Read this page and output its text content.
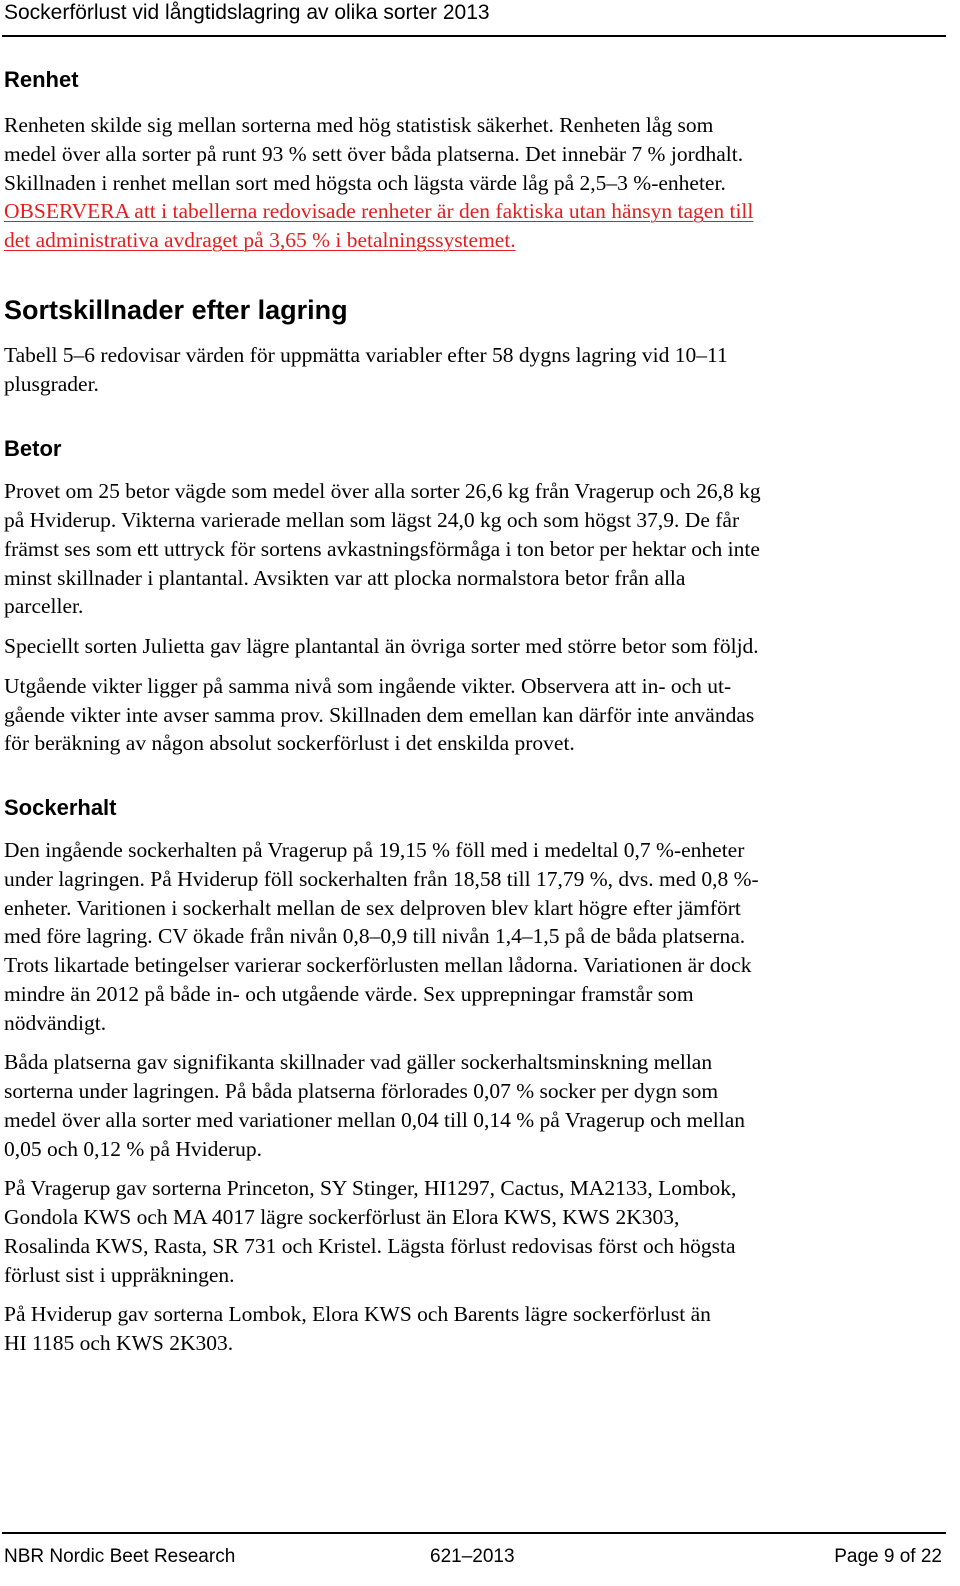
Sockerförlust vid långtidslagring av olika sorter 2013
Renhet

Renheten skilde sig mellan sorterna med hög statistisk säkerhet. Renheten låg som
medel över alla sorter på runt 93 % sett över båda platserna. Det innebär 7 % jordhalt.
Skillnaden i renhet mellan sort med högsta och lägsta värde låg på 2,5–3 %-enheter.
OBSERVERA att i tabellerna redovisade renheter är den faktiska utan hänsyn tagen till
det administrativa avdraget på 3,65 % i betalningssystemet.

Sortskillnader efter lagring

Tabell 5–6 redovisar värden för uppmätta variabler efter 58 dygns lagring vid 10–11
plusgrader.

Betor

Provet om 25 betor vägde som medel över alla sorter 26,6 kg från Vragerup och 26,8 kg
på Hviderup. Vikterna varierade mellan som lägst 24,0 kg och som högst 37,9. De får
främst ses som ett uttryck för sortens avkastningsförmåga i ton betor per hektar och inte
minst skillnader i plantantal. Avsikten var att plocka normalstora betor från alla
parceller.

Speciellt sorten Julietta gav lägre plantantal än övriga sorter med större betor som följd.

Utgående vikter ligger på samma nivå som ingående vikter. Observera att in- och ut-
gående vikter inte avser samma prov. Skillnaden dem emellan kan därför inte användas
för beräkning av någon absolut sockerförlust i det enskilda provet.

Sockerhalt

Den ingående sockerhalten på Vragerup på 19,15 % föll med i medeltal 0,7 %-enheter
under lagringen. På Hviderup föll sockerhalten från 18,58 till 17,79 %, dvs. med 0,8 %-
enheter. Varitionen i sockerhalt mellan de sex delproven blev klart högre efter jämfört
med före lagring. CV ökade från nivån 0,8–0,9 till nivån 1,4–1,5 på de båda platserna.
Trots likartade betingelser varierar sockerförlusten mellan lådorna. Variationen är dock
mindre än 2012 på både in- och utgående värde. Sex upprepningar framstår som
nödvändigt.

Båda platserna gav signifikanta skillnader vad gäller sockerhaltsminskning mellan
sorterna under lagringen. På båda platserna förlorades 0,07 % socker per dygn som
medel över alla sorter med variationer mellan 0,04 till 0,14 % på Vragerup och mellan
0,05 och 0,12 % på Hviderup.

På Vragerup gav sorterna Princeton, SY Stinger, HI1297, Cactus, MA2133, Lombok,
Gondola KWS och MA 4017 lägre sockerförlust än Elora KWS, KWS 2K303,
Rosalinda KWS, Rasta, SR 731 och Kristel. Lägsta förlust redovisas först och högsta
förlust sist i uppräkningen.

På Hviderup gav sorterna Lombok, Elora KWS och Barents lägre sockerförlust än
HI 1185 och KWS 2K303.

NBR Nordic Beet Research	621–2013	Page 9 of 22
